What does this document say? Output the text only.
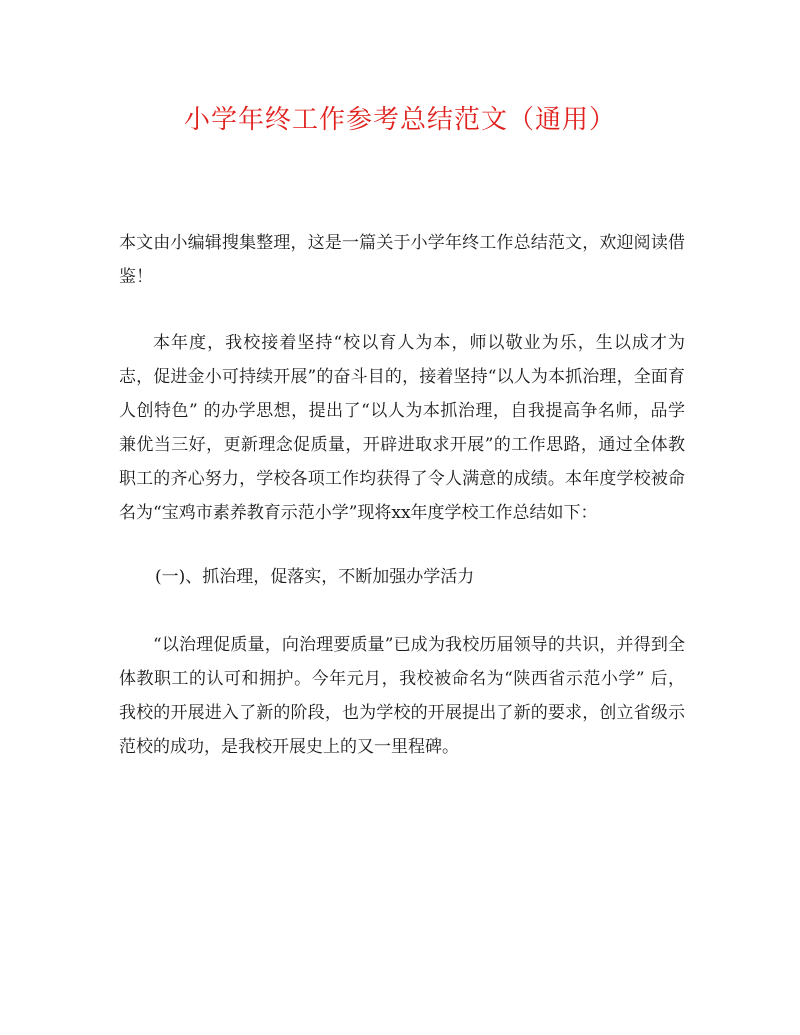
小学年终工作参考总结范文（通用）

本文由小编辑搜集整理，这是一篇关于小学年终工作总结范文，欢迎阅读借鉴！

本年度，我校接着坚持“校以育人为本，师以敬业为乐，生以成才为志，促进金小可持续开展”的奋斗目的，接着坚持“以人为本抓治理，全面育人创特色” 的办学思想，提出了“以人为本抓治理，自我提高争名师，品学兼优当三好，更新理念促质量，开辟进取求开展”的工作思路，通过全体教职工的齐心努力，学校各项工作均获得了令人满意的成绩。本年度学校被命名为“宝鸡市素养教育示范小学”现将xx年度学校工作总结如下：

(一)、抓治理，促落实，不断加强办学活力

“以治理促质量，向治理要质量”已成为我校历届领导的共识，并得到全体教职工的认可和拥护。今年元月，我校被命名为“陕西省示范小学” 后，我校的开展进入了新的阶段，也为学校的开展提出了新的要求，创立省级示范校的成功，是我校开展史上的又一里程碑。
